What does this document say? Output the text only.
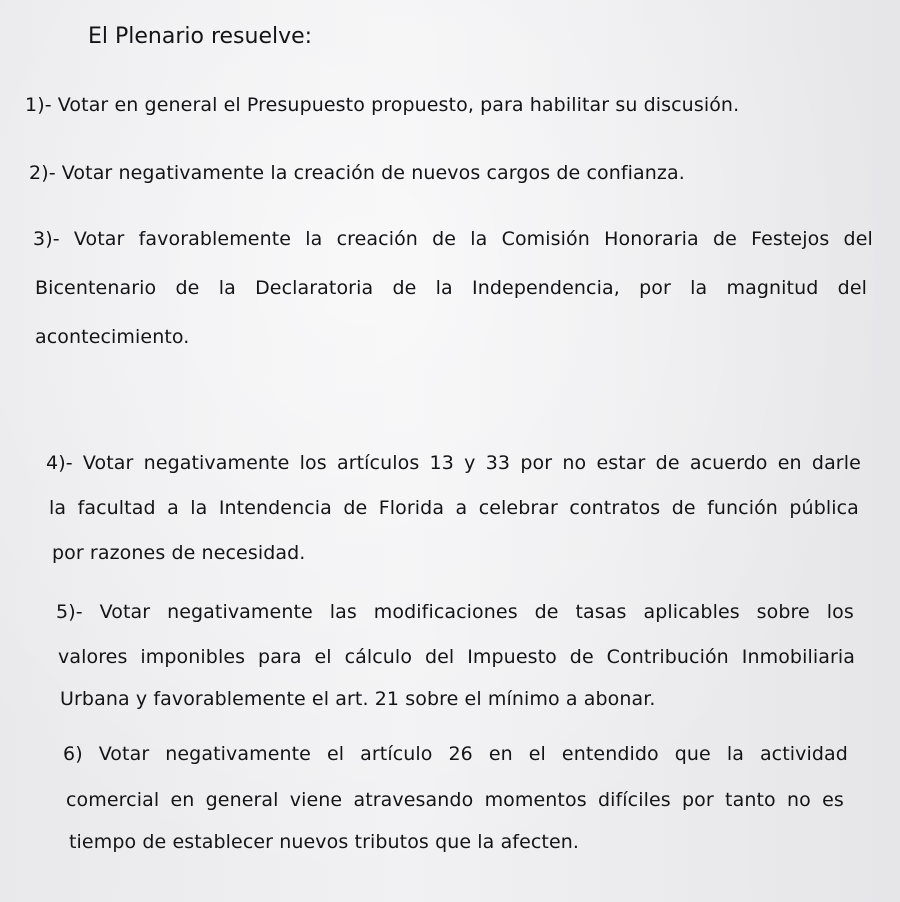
El Plenario resuelve:

1)- Votar en general el Presupuesto propuesto, para habilitar su discusión.

2)- Votar negativamente la creación de nuevos cargos de confianza.

3)- Votar favorablemente la creación de la Comisión Honoraria de Festejos del

Bicentenario de la Declaratoria de la Independencia, por la magnitud del

acontecimiento.

4)- Votar negativamente los artículos 13 y 33 por no estar de acuerdo en darle

la facultad a la Intendencia de Florida a celebrar contratos de función pública

por razones de necesidad.

5)- Votar negativamente las modificaciones de tasas aplicables sobre los

valores imponibles para el cálculo del Impuesto de Contribución Inmobiliaria

Urbana y favorablemente el art. 21 sobre el mínimo a abonar.

6) Votar negativamente el artículo 26 en el entendido que la actividad

comercial en general viene atravesando momentos difíciles por tanto no es

tiempo de establecer nuevos tributos que la afecten.
